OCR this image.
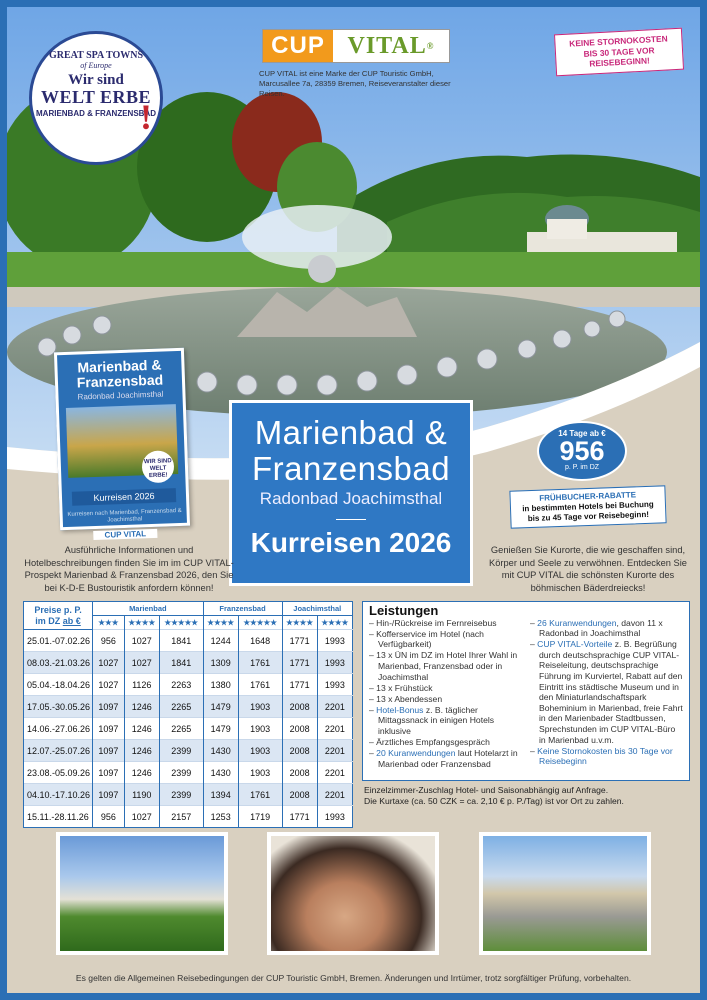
GREAT SPA TOWNS
of Europe
Wir sind
WELT ERBE
MARIENBAD & FRANZENSBAD
!
CUP VITAL ®
CUP VITAL ist eine Marke der CUP Touristic GmbH, Marcusallee 7a, 28359 Bremen, Reiseveranstalter dieser Reisen.
KEINE STORNOKOSTEN BIS 30 TAGE VOR REISEBEGINN!
Marienbad & Franzensbad
Radonbad Joachimsthal
WIR SIND WELT ERBE!
Kurreisen 2026
Kurreisen nach Marienbad, Franzensbad & Joachimsthal
CUP VITAL
Marienbad &
Franzensbad
Radonbad Joachimsthal
Kurreisen 2026
14 Tage ab €
956
p. P. im DZ
FRÜHBUCHER-RABATTE
in bestimmten Hotels bei Buchung
bis zu 45 Tage vor Reisebeginn!
Ausführliche Informationen und Hotelbeschreibungen finden Sie im im CUP VITAL-Prospekt Marienbad & Franzensbad 2026, den Sie bei K-D-E Bustouristik anfordern können!
Genießen Sie Kurorte, die wie geschaffen sind, Körper und Seele zu verwöhnen. Entdecken Sie mit CUP VITAL die schönsten Kurorte des böhmischen Bäderdreiecks!
Preise p. P.
im DZ ab €	Marienbad			Franzensbad		Joachimsthal	
	★★★	★★★★	★★★★★	★★★★	★★★★★	★★★★	★★★★
25.01.-07.02.26	956	1027	1841	1244	1648	1771	1993
08.03.-21.03.26	1027	1027	1841	1309	1761	1771	1993
05.04.-18.04.26	1027	1126	2263	1380	1761	1771	1993
17.05.-30.05.26	1097	1246	2265	1479	1903	2008	2201
14.06.-27.06.26	1097	1246	2265	1479	1903	2008	2201
12.07.-25.07.26	1097	1246	2399	1430	1903	2008	2201
23.08.-05.09.26	1097	1246	2399	1430	1903	2008	2201
04.10.-17.10.26	1097	1190	2399	1394	1761	2008	2201
15.11.-28.11.26	956	1027	2157	1253	1719	1771	1993
Leistungen
– Hin-/Rückreise im Fernreisebus
– Kofferservice im Hotel (nach Verfügbarkeit)
– 13 x ÜN im DZ im Hotel Ihrer Wahl in Marienbad, Franzensbad oder in Joachimsthal
– 13 x Frühstück
– 13 x Abendessen
– Hotel-Bonus z. B. täglicher Mittagssnack in einigen Hotels inklusive
– Ärztliches Empfangsgespräch
– 20 Kuranwendungen laut Hotelarzt in Marienbad oder Franzensbad
– 26 Kuranwendungen, davon 11 x Radonbad in Joachimsthal
– CUP VITAL-Vorteile z. B. Begrüßung durch deutschsprachige CUP VITAL-Reiseleitung, deutschsprachige Führung im Kurviertel, Rabatt auf den Eintritt ins städtische Museum und in den Miniaturlandschaftspark Boheminium in Marienbad, freie Fahrt in den Marienbader Stadtbussen, Sprechstunden im CUP VITAL-Büro in Marienbad u.v.m.
– Keine Stornokosten bis 30 Tage vor Reisebeginn
Einzelzimmer-Zuschlag Hotel- und Saisonabhängig auf Anfrage.
Die Kurtaxe (ca. 50 CZK = ca. 2,10 € p. P./Tag) ist vor Ort zu zahlen.
Es gelten die Allgemeinen Reisebedingungen der CUP Touristic GmbH, Bremen. Änderungen und Irrtümer, trotz sorgfältiger Prüfung, vorbehalten.
